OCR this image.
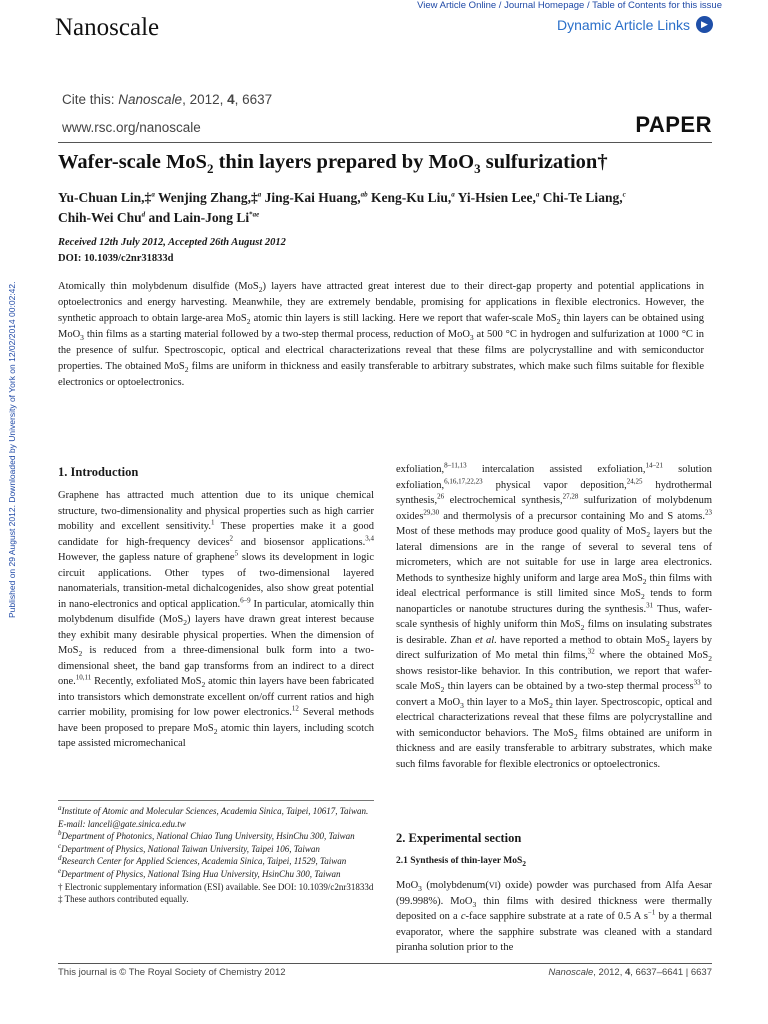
View Article Online / Journal Homepage / Table of Contents for this issue
Nanoscale	Dynamic Article Links	▶
Cite this: Nanoscale, 2012, 4, 6637
www.rsc.org/nanoscale	PAPER
Wafer-scale MoS$_2$ thin layers prepared by MoO$_3$ sulfurization†
Yu-Chuan Lin,‡$^a$ Wenjing Zhang,‡$^a$ Jing-Kai Huang,$^{ab}$ Keng-Ku Liu,$^a$ Yi-Hsien Lee,$^a$ Chi-Te Liang,$^c$
Chih-Wei Chu$^d$ and Lain-Jong $Li^{*ae}$
Received 12th July 2012, Accepted 26th August 2012
DOI: 10.1039/c2nr31833d
Atomically thin molybdenum disulfide (MoS$_2$) layers have attracted great interest due to their direct-gap property and potential applications in optoelectronics and energy harvesting. Meanwhile, they are extremely bendable, promising for applications in flexible electronics. However, the synthetic approach to obtain large-area MoS$_2$ atomic thin layers is still lacking. Here we report that wafer-scale MoS$_2$ thin layers can be obtained using MoO$_3$ thin films as a starting material followed by a two-step thermal process, reduction of MoO$_3$ at 500 °C in hydrogen and sulfurization at 1000 °C in the presence of sulfur. Spectroscopic, optical and electrical characterizations reveal that these films are polycrystalline and with semiconductor properties. The obtained MoS$_2$ films are uniform in thickness and easily transferable to arbitrary substrates, which make such films suitable for flexible electronics or optoelectronics.
Published on 29 August 2012. Downloaded by University of York on 12/02/2014 00:02:42.	1. Introduction
Graphene has attracted much attention due to its unique chemical structure, two-dimensionality and physical properties such as high carrier mobility and excellent sensitivity.$^1$ These properties make it a good candidate for high-frequency devices$^2$ and biosensor applications.$^{3,4}$ However, the gapless nature of graphene$^5$ slows its development in logic circuit applications. Other types of two-dimensional layered nanomaterials, transition-metal dichalcogenides, also show great potential in nano-electronics and optical application.$^{6-9}$ In particular, atomically thin molybdenum disulfide (MoS$_2$) layers have drawn great interest because they exhibit many desirable physical properties. When the dimension of MoS$_2$ is reduced from a three-dimensional bulk form into a two-dimensional sheet, the band gap transforms from an indirect to a direct one.$^{10,11}$ Recently, exfoliated MoS$_2$ atomic thin layers have been fabricated into transistors which demonstrate excellent on/off current ratios and high carrier mobility, promising for low power electronics.$^{12}$ Several methods have been proposed to prepare MoS$_2$ atomic thin layers, including scotch tape assisted micromechanical
exfoliation,$^{8-11,13}$ intercalation assisted exfoliation,$^{14-21}$ solution exfoliation,$^{6,16,17,22,23}$ physical vapor deposition,$^{24,25}$ hydrothermal synthesis,$^{26}$ electrochemical synthesis,$^{27,28}$ sulfurization of molybdenum oxides$^{29,30}$ and thermolysis of a precursor containing Mo and S atoms.$^{23}$ Most of these methods may produce good quality of MoS$_2$ layers but the lateral dimensions are in the range of several to several tens of micrometers, which are not suitable for use in large area electronics. Methods to synthesize highly uniform and large area MoS$_2$ thin films with ideal electrical performance is still limited since MoS$_2$ tends to form nanoparticles or nanotube structures during the synthesis.$^{31}$ Thus, wafer-scale synthesis of highly uniform thin MoS$_2$ films on insulating substrates is desirable. Zhan et al. have reported a method to obtain MoS$_2$ layers by direct sulfurization of Mo metal thin films,$^{32}$ where the obtained MoS$_2$ shows resistor-like behavior. In this contribution, we report that wafer-scale MoS$_2$ thin layers can be obtained by a two-step thermal process$^{33}$ to convert a MoO$_3$ thin layer to a MoS$_2$ thin layer. Spectroscopic, optical and electrical characterizations reveal that these films are polycrystalline and with semiconductor behaviors. The MoS$_2$ films obtained are uniform in thickness and are easily transferable to arbitrary substrates, which make such films favorable for flexible electronics or optoelectronics.
$^a$Institute of Atomic and Molecular Sciences, Academia Sinica, Taipei, 10617, Taiwan. E-mail: lanceli@gate.sinica.edu.tw
$^b$Department of Photonics, National Chiao Tung University, HsinChu 300, Taiwan
$^c$Department of Physics, National Taiwan University, Taipei 106, Taiwan
$^d$Research Center for Applied Sciences, Academia Sinica, Taipei, 11529, Taiwan
$^e$Department of Physics, National Tsing Hua University, HsinChu 300, Taiwan
† Electronic supplementary information (ESI) available. See DOI: 10.1039/c2nr31833d
‡ These authors contributed equally.
2. Experimental section
2.1 Synthesis of thin-layer MoS$_2$
MoO$_3$ (molybdenum(VI) oxide) powder was purchased from Alfa Aesar (99.998%). MoO$_3$ thin films with desired thickness were thermally deposited on a c-face sapphire substrate at a rate of 0.5 A $s^{-1}$ by a thermal evaporator, where the sapphire substrate was cleaned with a standard piranha solution prior to the
This journal is © The Royal Society of Chemistry 2012	Nanoscale, 2012, 4, 6637–6641 | 6637
